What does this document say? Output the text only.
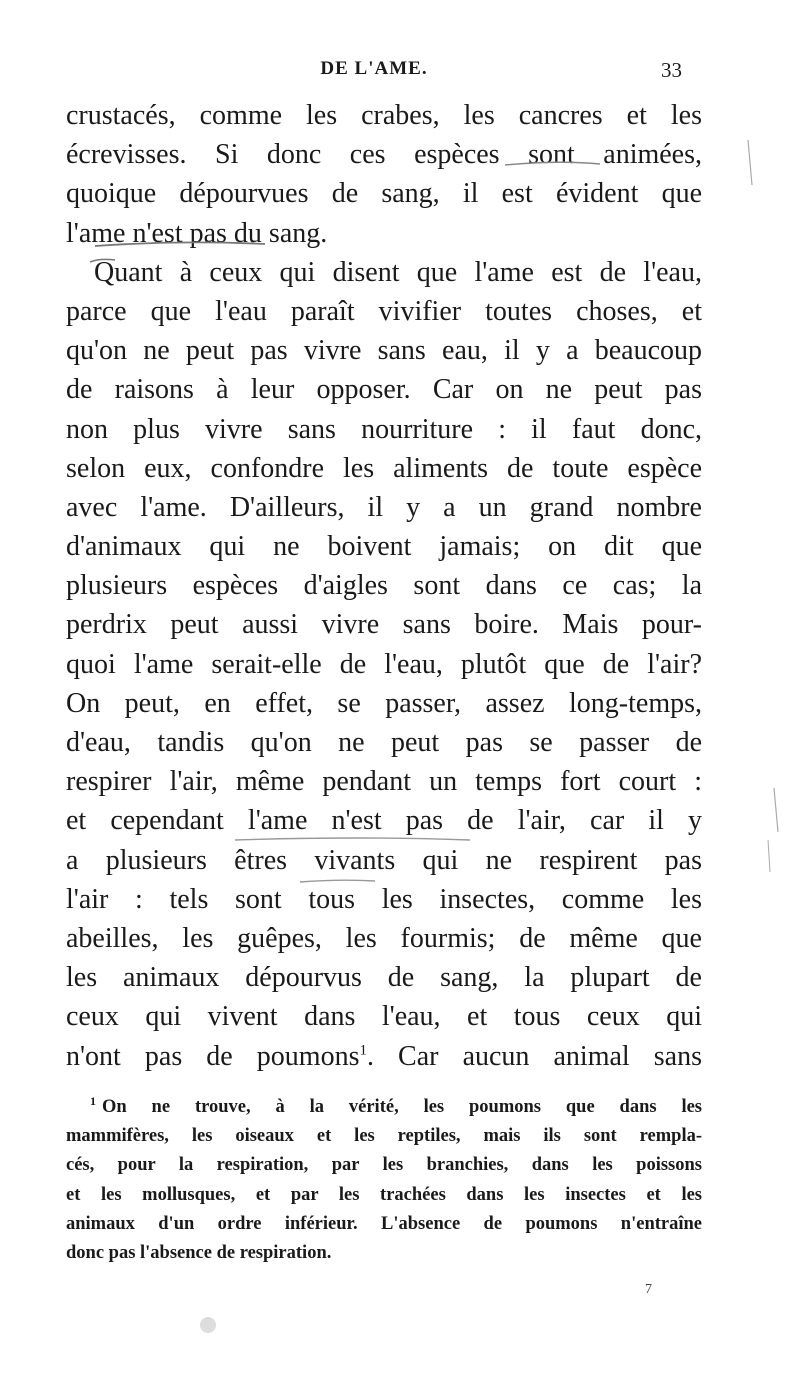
DE L'AME.	33
crustacés, comme les crabes, les cancres et les
écrevisses. Si donc ces espèces sont animées,
quoique dépourvues de sang, il est évident que
l'ame n'est pas du sang.
Quant à ceux qui disent que l'ame est de l'eau,
parce que l'eau paraît vivifier toutes choses, et
qu'on ne peut pas vivre sans eau, il y a beaucoup
de raisons à leur opposer. Car on ne peut pas
non plus vivre sans nourriture : il faut donc,
selon eux, confondre les aliments de toute espèce
avec l'ame. D'ailleurs, il y a un grand nombre
d'animaux qui ne boivent jamais; on dit que
plusieurs espèces d'aigles sont dans ce cas; la
perdrix peut aussi vivre sans boire. Mais pour-
quoi l'ame serait-elle de l'eau, plutôt que de l'air?
On peut, en effet, se passer, assez long-temps,
d'eau, tandis qu'on ne peut pas se passer de
respirer l'air, même pendant un temps fort court :
et cependant l'ame n'est pas de l'air, car il y
a plusieurs êtres vivants qui ne respirent pas
l'air : tels sont tous les insectes, comme les
abeilles, les guêpes, les fourmis; de même que
les animaux dépourvus de sang, la plupart de
ceux qui vivent dans l'eau, et tous ceux qui
n'ont pas de poumons$^1$. Car aucun animal sans
$^1$ On ne trouve, à la vérité, les poumons que dans les
mammifères, les oiseaux et les reptiles, mais ils sont rempla-
cés, pour la respiration, par les branchies, dans les poissons
et les mollusques, et par les trachées dans les insectes et les
animaux d'un ordre inférieur. L'absence de poumons n'entraîne
donc pas l'absence de respiration.
7
